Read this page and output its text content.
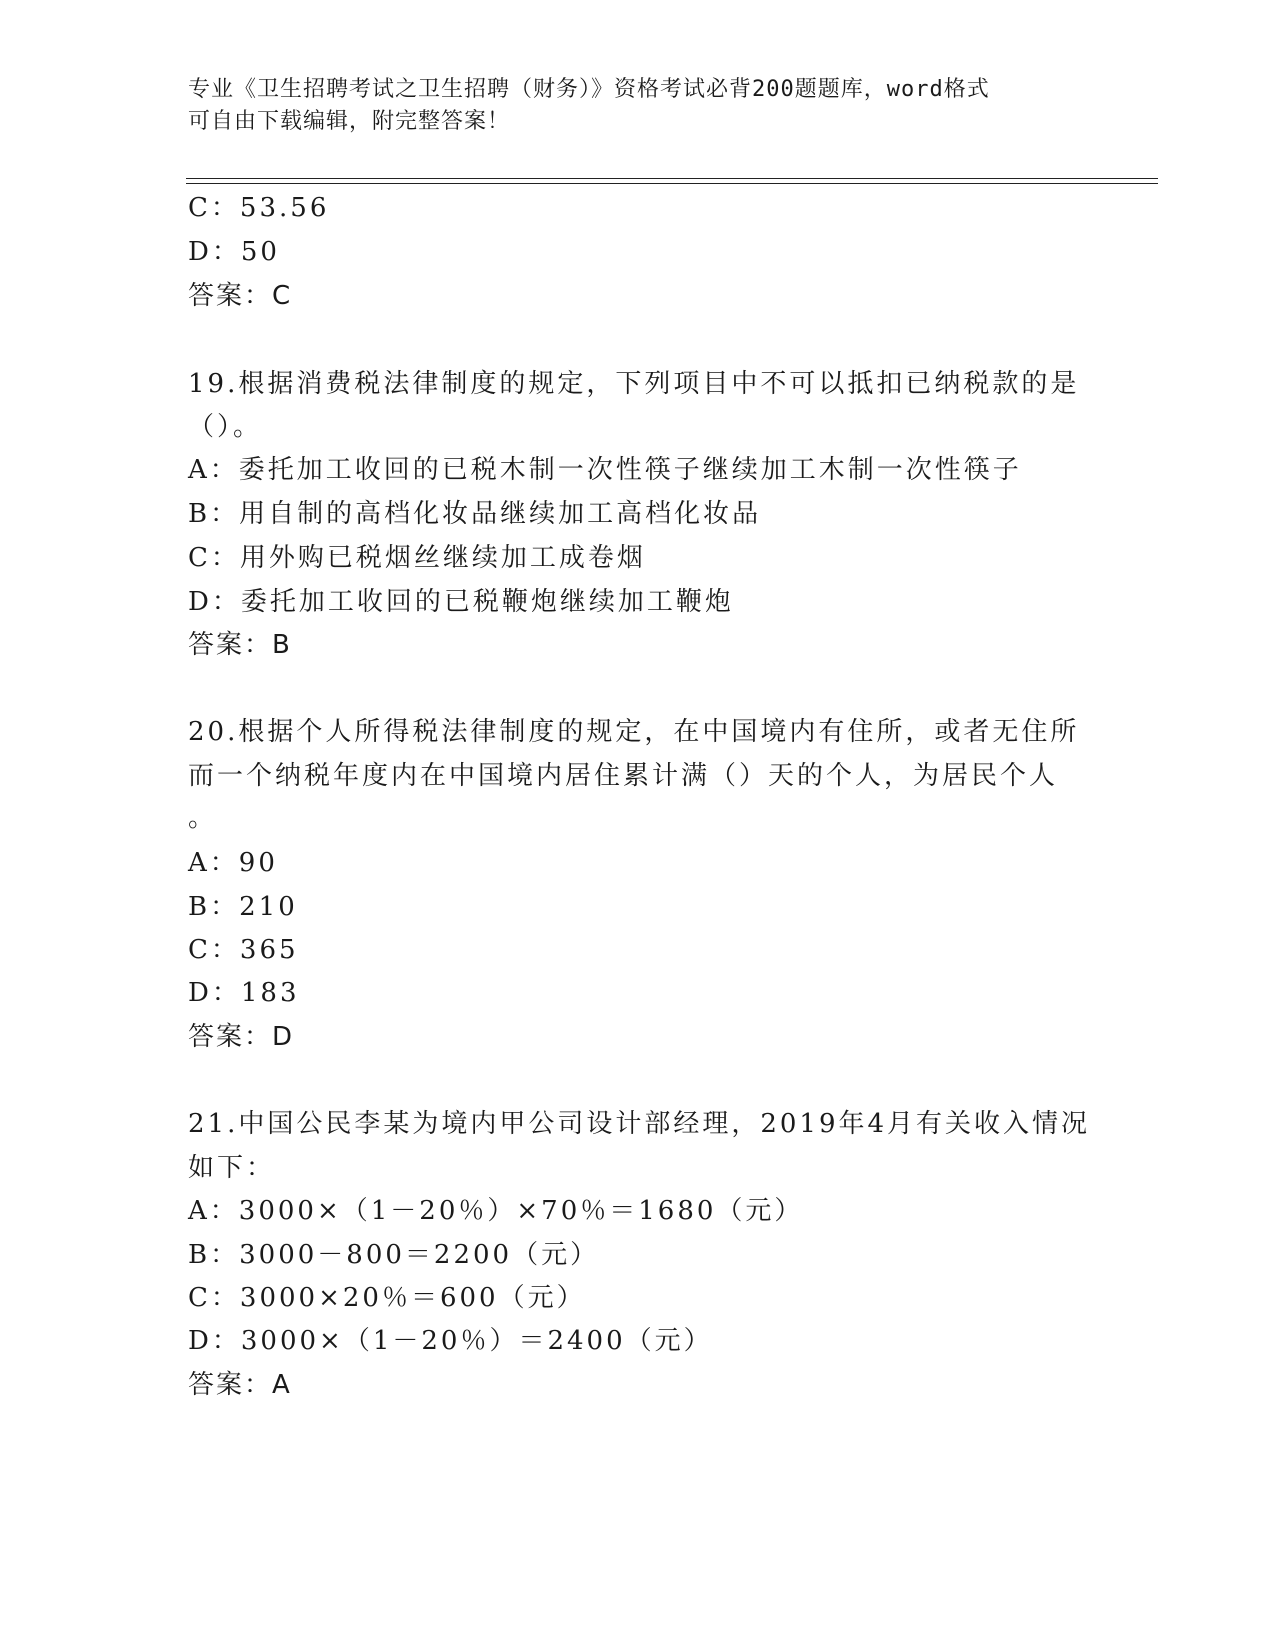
专业《卫生招聘考试之卫生招聘（财务）》资格考试必背200题题库，word格式
可自由下载编辑，附完整答案！
C：53.56
D：50
答案：C
19.根据消费税法律制度的规定，下列项目中不可以抵扣已纳税款的是
（）。
A：委托加工收回的已税木制一次性筷子继续加工木制一次性筷子
B：用自制的高档化妆品继续加工高档化妆品
C：用外购已税烟丝继续加工成卷烟
D：委托加工收回的已税鞭炮继续加工鞭炮
答案：B
20.根据个人所得税法律制度的规定，在中国境内有住所，或者无住所
而一个纳税年度内在中国境内居住累计满（）天的个人，为居民个人
。
A：90
B：210
C：365
D：183
答案：D
21.中国公民李某为境内甲公司设计部经理，2019年4月有关收入情况
如下：
A：3000×（1－20％）×70％＝1680（元）
B：3000－800＝2200（元）
C：3000×20％＝600（元）
D：3000×（1－20％）＝2400（元）
答案：A
